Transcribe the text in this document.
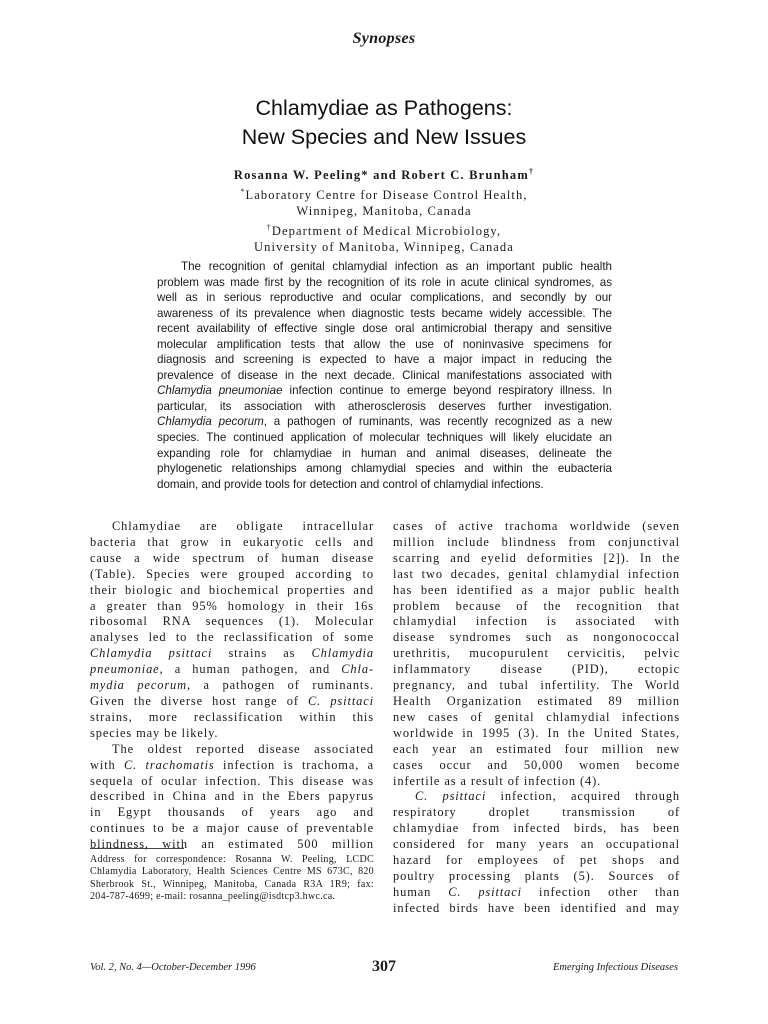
Synopses
Chlamydiae as Pathogens:
New Species and New Issues
Rosanna W. Peeling* and Robert C. Brunham†
*Laboratory Centre for Disease Control Health,
Winnipeg, Manitoba, Canada
†Department of Medical Microbiology,
University of Manitoba, Winnipeg, Canada
The recognition of genital chlamydial infection as an important public health
problem was made first by the recognition of its role in acute clinical syndromes, as
well as in serious reproductive and ocular complications, and secondly by our
awareness of its prevalence when diagnostic tests became widely accessible. The
recent availability of effective single dose oral antimicrobial therapy and sensitive
molecular amplification tests that allow the use of noninvasive specimens for
diagnosis and screening is expected to have a major impact in reducing the
prevalence of disease in the next decade. Clinical manifestations associated with
Chlamydia pneumoniae infection continue to emerge beyond respiratory illness. In
particular, its association with atherosclerosis deserves further investigation.
Chlamydia pecorum, a pathogen of ruminants, was recently recognized as a new
species. The continued application of molecular techniques will likely elucidate an
expanding role for chlamydiae in human and animal diseases, delineate the
phylogenetic relationships among chlamydial species and within the eubacteria
domain, and provide tools for detection and control of chlamydial infections.
Chlamydiae are obligate intracellular
bacteria that grow in eukaryotic cells and
cause a wide spectrum of human disease
(Table). Species were grouped according to
their biologic and biochemical properties and
a greater than 95% homology in their 16s
ribosomal RNA sequences (1). Molecular
analyses led to the reclassification of some
Chlamydia psittaci strains as Chlamydia
pneumoniae, a human pathogen, and Chla-
mydia pecorum, a pathogen of ruminants.
Given the diverse host range of C. psittaci
strains, more reclassification within this
species may be likely.
The oldest reported disease associated
with C. trachomatis infection is trachoma, a
sequela of ocular infection. This disease was
described in China and in the Ebers papyrus
in Egypt thousands of years ago and
continues to be a major cause of preventable
blindness, with an estimated 500 million
cases of active trachoma worldwide (seven
million include blindness from conjunctival
scarring and eyelid deformities [2]). In the
last two decades, genital chlamydial infection
has been identified as a major public health
problem because of the recognition that
chlamydial infection is associated with
disease syndromes such as nongonococcal
urethritis, mucopurulent cervicitis, pelvic
inflammatory disease (PID), ectopic
pregnancy, and tubal infertility. The World
Health Organization estimated 89 million
new cases of genital chlamydial infections
worldwide in 1995 (3). In the United States,
each year an estimated four million new
cases occur and 50,000 women become
infertile as a result of infection (4).
C. psittaci infection, acquired through
respiratory droplet transmission of
chlamydiae from infected birds, has been
considered for many years an occupational
hazard for employees of pet shops and
poultry processing plants (5). Sources of
human C. psittaci infection other than
infected birds have been identified and may
Address for correspondence: Rosanna W. Peeling, LCDC
Chlamydia Laboratory, Health Sciences Centre MS 673C, 820
Sherbrook St., Winnipeg, Manitoba, Canada R3A 1R9; fax:
204-787-4699; e-mail: rosanna_peeling@isdtcp3.hwc.ca.
Vol. 2, No. 4—October-December 1996	307	Emerging Infectious Diseases
